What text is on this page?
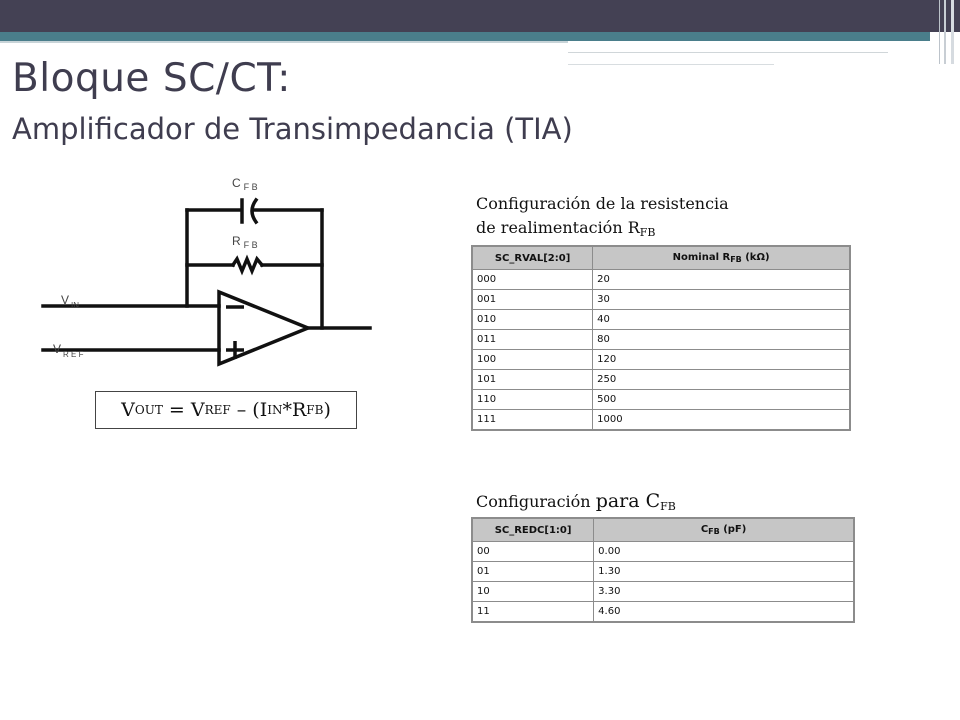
Bloque SC/CT:
Amplificador de Transimpedancia (TIA)
C $_{F B}$
R $_{F B}$
V $_{IN}$
V $_{R E F}$
V OUT = V REF – ( I IN *R FB )
Configuración de la resistencia
de realimentación $R_{FB}$
SC_RVAL[2:0]	Nominal $R_{FB}$ (kΩ)
000	20
001	30
010	40
011	80
100	120
101	250
110	500
111	1000
Configuración para $C_{FB}$
SC_REDC[1:0]	$C_{FB}$ (pF)
00	0.00
01	1.30
10	3.30
11	4.60
